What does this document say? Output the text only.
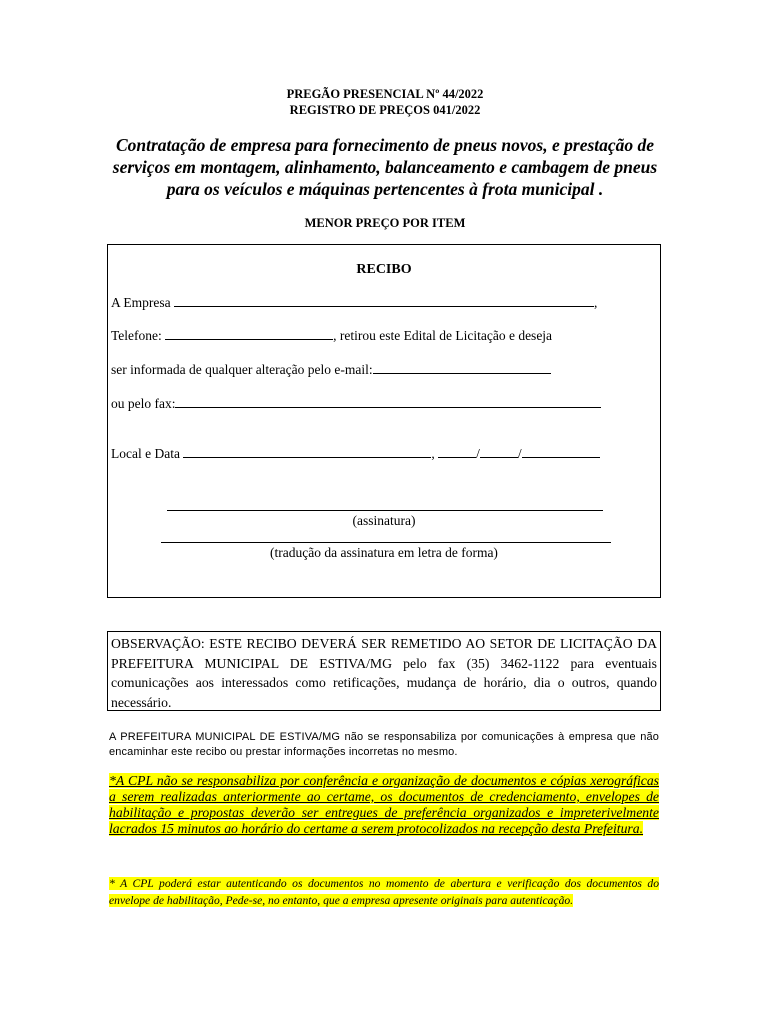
PREGÃO PRESENCIAL Nº 44/2022
REGISTRO DE PREÇOS 041/2022
Contratação de empresa para fornecimento de pneus novos, e prestação de serviços em montagem, alinhamento, balanceamento e cambagem de pneus para os veículos e máquinas pertencentes à frota municipal .
MENOR PREÇO POR ITEM
RECIBO
A Empresa	,
Telefone:	, retirou este Edital de Licitação e deseja
ser informada de qualquer alteração pelo e-mail:
ou pelo fax:
Local e Data	,	/	/
(assinatura)
(tradução da assinatura em letra de forma)
OBSERVAÇÃO: ESTE RECIBO DEVERÁ SER REMETIDO AO SETOR DE LICITAÇÃO DA PREFEITURA MUNICIPAL DE ESTIVA/MG pelo fax (35) 3462-1122 para eventuais comunicações aos interessados como retificações, mudança de horário, dia o outros, quando necessário.
A PREFEITURA MUNICIPAL DE ESTIVA/MG não se responsabiliza por comunicações à empresa que não encaminhar este recibo ou prestar informações incorretas no mesmo.
*A CPL não se responsabiliza por conferência e organização de documentos e cópias xerográficas a serem realizadas anteriormente ao certame, os documentos de credenciamento, envelopes de habilitação e propostas deverão ser entregues de preferência organizados e impreterivelmente lacrados 15 minutos ao horário do certame a serem protocolizados na recepção desta Prefeitura.
* A CPL poderá estar autenticando os documentos no momento de abertura e verificação dos documentos do envelope de habilitação, Pede-se, no entanto, que a empresa apresente originais para autenticação.
